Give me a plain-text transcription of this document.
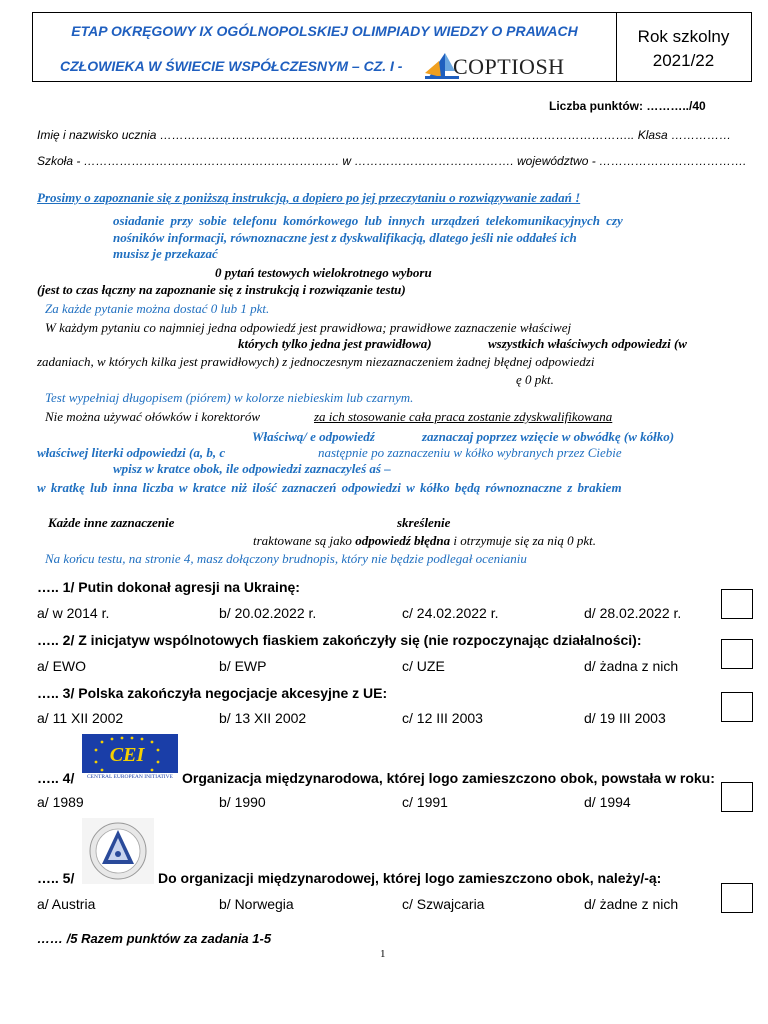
ETAP OKRĘGOWY IX OGÓLNOPOLSKIEJ OLIMPIADY WIEDZY O PRAWACH
CZŁOWIEKA W ŚWIECIE WSPÓŁCZESNYM – CZ. I - COPTIOSH
Rok szkolny
2021/22
Liczba punktów: ………../40
Imię i nazwisko ucznia ……………………………………………………………………………………………………….. Klasa ……………
Szkoła - ………………………………………………………. w …………………………………. województwo - ……………………………….
Prosimy o zapoznanie się z poniższą instrukcją, a dopiero po jej przeczytaniu o rozwiązywanie zadań !
osiadanie przy sobie telefonu komórkowego lub innych urządzeń telekomunikacyjnych czy
nośników informacji, równoznaczne jest z dyskwalifikacją, dlatego jeśli nie oddałeś ich
musisz je przekazać
0 pytań testowych wielokrotnego wyboru
(jest to czas łączny na zapoznanie się z instrukcją i rozwiązanie testu)
Za każde pytanie można dostać 0 lub 1 pkt.
W każdym pytaniu co najmniej jedna odpowiedź jest prawidłowa; prawidłowe zaznaczenie właściwej
których tylko jedna jest prawidłowa)	wszystkich właściwych odpowiedzi (w
zadaniach, w których kilka jest prawidłowych) z jednoczesnym niezaznaczeniem żadnej błędnej odpowiedzi
ę 0 pkt.
Test wypełniaj długopisem (piórem) w kolorze niebieskim lub czarnym.
Nie można używać ołówków i korektorów	za ich stosowanie cała praca zostanie zdyskwalifikowana
Właściwą/ e odpowiedź	zaznaczaj poprzez wzięcie w obwódkę (w kółko)
właściwej literki odpowiedzi (a, b, c	następnie po zaznaczeniu w kółko wybranych przez Ciebie
wpisz w kratce obok, ile odpowiedzi zaznaczyleś aś –
w kratkę lub inna liczba w kratce niż ilość zaznaczeń odpowiedzi w kółko będą równoznaczne z brakiem
Każde inne zaznaczenie	skreślenie
traktowane są jako odpowiedź błędna i otrzymuje się za nią 0 pkt.
Na końcu testu, na stronie 4, masz dołączony brudnopis, który nie będzie podlegał ocenianiu
….. 1/ Putin dokonał agresji na Ukrainę:
a/ w 2014 r.	b/ 20.02.2022 r.	c/ 24.02.2022 r.	d/ 28.02.2022 r.
….. 2/ Z inicjatyw wspólnotowych fiaskiem zakończyły się (nie rozpoczynając działalności):
a/ EWO	b/ EWP	c/ UZE	d/ żadna z nich
….. 3/ Polska zakończyła negocjacje akcesyjne z UE:
a/ 11 XII 2002	b/ 13 XII 2002	c/ 12 III 2003	d/ 19 III 2003
….. 4/
CEI
CENTRAL EUROPEAN INITIATIVE Organizacja międzynarodowa, której logo zamieszczono obok, powstała w roku:
a/ 1989	b/ 1990	c/ 1991	d/ 1994
….. 5/	Do organizacji międzynarodowej, której logo zamieszczono obok, należy/-ą:
a/ Austria	b/ Norwegia	c/ Szwajcaria	d/ żadne z nich
…… /5 Razem punktów za zadania 1-5
1
